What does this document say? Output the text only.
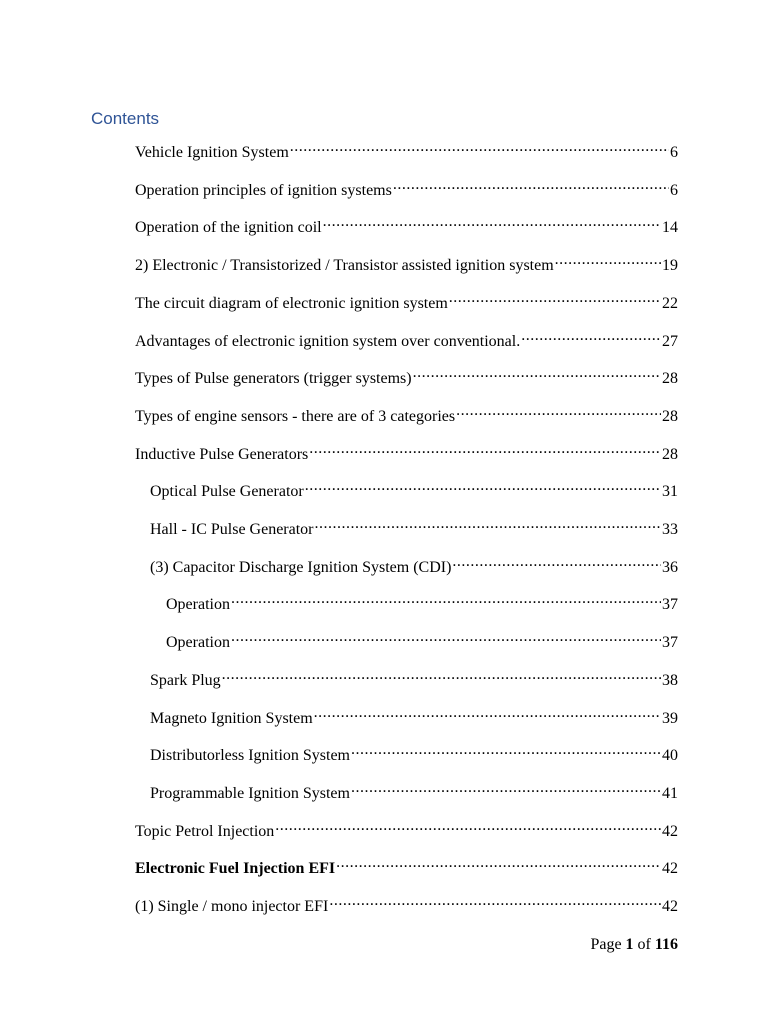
Contents
Vehicle Ignition System .....	6
Operation principles of ignition systems .....	6
Operation of the ignition coil .....	14
2) Electronic / Transistorized / Transistor assisted ignition system .....	19
The circuit diagram of electronic ignition system .....	22
Advantages of electronic ignition system over conventional. .....	27
Types of Pulse generators (trigger systems) .....	28
Types of engine sensors - there are of 3 categories .....	28
Inductive Pulse Generators .....	28
Optical Pulse Generator .....	31
Hall - IC Pulse Generator .....	33
(3) Capacitor Discharge Ignition System (CDI) .....	36
Operation .....	37
Operation .....	37
Spark Plug .....	38
Magneto Ignition System .....	39
Distributorless Ignition System .....	40
Programmable Ignition System .....	41
Topic Petrol Injection .....	42
Electronic Fuel Injection EFI .....	42
(1) Single / mono injector EFI .....	42
Page 1 of 116
